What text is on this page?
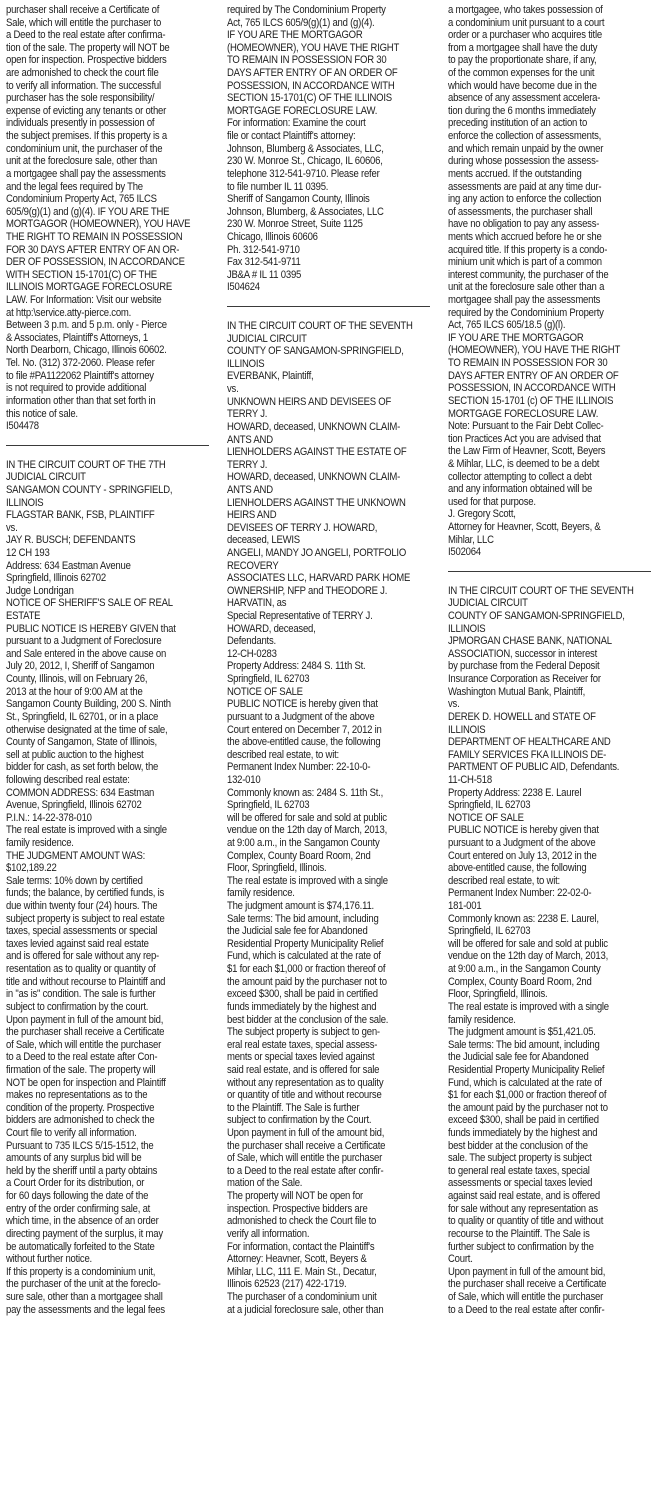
purchaser shall receive a Certificate of
Sale, which will entitle the purchaser to
a Deed to the real estate after confirma-
tion of the sale. The property will NOT be
open for inspection. Prospective bidders
are admonished to check the court file
to verify all information. The successful
purchaser has the sole responsibility/
expense of evicting any tenants or other
individuals presently in possession of
the subject premises. If this property is a
condominium unit, the purchaser of the
unit at the foreclosure sale, other than
a mortgagee shall pay the assessments
and the legal fees required by The
Condominium Property Act, 765 ILCS
605/9(g)(1) and (g)(4). IF YOU ARE THE
MORTGAGOR (HOMEOWNER), YOU HAVE
THE RIGHT TO REMAIN IN POSSESSION
FOR 30 DAYS AFTER ENTRY OF AN OR-
DER OF POSSESSION, IN ACCORDANCE
WITH SECTION 15-1701(C) OF THE
ILLINOIS MORTGAGE FORECLOSURE
LAW. For Information: Visit our website
at http:\service.atty-pierce.com.
Between 3 p.m. and 5 p.m. only - Pierce
& Associates, Plaintiff's Attorneys, 1
North Dearborn, Chicago, Illinois 60602.
Tel. No. (312) 372-2060. Please refer
to file #PA1122062 Plaintiff's attorney
is not required to provide additional
information other than that set forth in
this notice of sale.
I504478
IN THE CIRCUIT COURT OF THE 7TH
JUDICIAL CIRCUIT
SANGAMON COUNTY - SPRINGFIELD,
ILLINOIS
FLAGSTAR BANK, FSB, PLAINTIFF
vs.
JAY R. BUSCH; DEFENDANTS
12 CH 193
Address: 634 Eastman Avenue
Springfield, Illinois 62702
Judge Londrigan
NOTICE OF SHERIFF'S SALE OF REAL
ESTATE
PUBLIC NOTICE IS HEREBY GIVEN that
pursuant to a Judgment of Foreclosure
and Sale entered in the above cause on
July 20, 2012, I, Sheriff of Sangamon
County, Illinois, will on February 26,
2013 at the hour of 9:00 AM at the
Sangamon County Building, 200 S. Ninth
St., Springfield, IL 62701, or in a place
otherwise designated at the time of sale,
County of Sangamon, State of Illinois,
sell at public auction to the highest
bidder for cash, as set forth below, the
following described real estate:
COMMON ADDRESS: 634 Eastman
Avenue, Springfield, Illinois 62702
P.I.N.: 14-22-378-010
The real estate is improved with a single
family residence.
THE JUDGMENT AMOUNT WAS:
$102,189.22
Sale terms: 10% down by certified
funds; the balance, by certified funds, is
due within twenty four (24) hours. The
subject property is subject to real estate
taxes, special assessments or special
taxes levied against said real estate
and is offered for sale without any rep-
resentation as to quality or quantity of
title and without recourse to Plaintiff and
in "as is" condition. The sale is further
subject to confirmation by the court.
Upon payment in full of the amount bid,
the purchaser shall receive a Certificate
of Sale, which will entitle the purchaser
to a Deed to the real estate after Con-
firmation of the sale. The property will
NOT be open for inspection and Plaintiff
makes no representations as to the
condition of the property. Prospective
bidders are admonished to check the
Court file to verify all information.
Pursuant to 735 ILCS 5/15-1512, the
amounts of any surplus bid will be
held by the sheriff until a party obtains
a Court Order for its distribution, or
for 60 days following the date of the
entry of the order confirming sale, at
which time, in the absence of an order
directing payment of the surplus, it may
be automatically forfeited to the State
without further notice.
If this property is a condominium unit,
the purchaser of the unit at the foreclo-
sure sale, other than a mortgagee shall
pay the assessments and the legal fees
required by The Condominium Property
Act, 765 ILCS 605/9(g)(1) and (g)(4).
IF YOU ARE THE MORTGAGOR
(HOMEOWNER), YOU HAVE THE RIGHT
TO REMAIN IN POSSESSION FOR 30
DAYS AFTER ENTRY OF AN ORDER OF
POSSESSION, IN ACCORDANCE WITH
SECTION 15-1701(C) OF THE ILLINOIS
MORTGAGE FORECLOSURE LAW.
For information: Examine the court
file or contact Plaintiff's attorney:
Johnson, Blumberg & Associates, LLC,
230 W. Monroe St., Chicago, IL 60606,
telephone 312-541-9710. Please refer
to file number IL 11 0395.
Sheriff of Sangamon County, Illinois
Johnson, Blumberg, & Associates, LLC
230 W. Monroe Street, Suite 1125
Chicago, Illinois 60606
Ph. 312-541-9710
Fax 312-541-9711
JB&A # IL 11 0395
I504624
IN THE CIRCUIT COURT OF THE SEVENTH
JUDICIAL CIRCUIT
COUNTY OF SANGAMON-SPRINGFIELD,
ILLINOIS
EVERBANK, Plaintiff,
vs.
UNKNOWN HEIRS AND DEVISEES OF
TERRY J.
HOWARD, deceased, UNKNOWN CLAIM-
ANTS AND
LIENHOLDERS AGAINST THE ESTATE OF
TERRY J.
HOWARD, deceased, UNKNOWN CLAIM-
ANTS AND
LIENHOLDERS AGAINST THE UNKNOWN
HEIRS AND
DEVISEES OF TERRY J. HOWARD,
deceased, LEWIS
ANGELI, MANDY JO ANGELI, PORTFOLIO
RECOVERY
ASSOCIATES LLC, HARVARD PARK HOME
OWNERSHIP, NFP and THEODORE J.
HARVATIN, as
Special Representative of TERRY J.
HOWARD, deceased,
Defendants.
12-CH-0283
Property Address: 2484 S. 11th St.
Springfield, IL 62703
NOTICE OF SALE
PUBLIC NOTICE is hereby given that
pursuant to a Judgment of the above
Court entered on December 7, 2012 in
the above-entitled cause, the following
described real estate, to wit:
Permanent Index Number: 22-10-0-
132-010
Commonly known as: 2484 S. 11th St.,
Springfield, IL 62703
will be offered for sale and sold at public
vendue on the 12th day of March, 2013,
at 9:00 a.m., in the Sangamon County
Complex, County Board Room, 2nd
Floor, Springfield, Illinois.
The real estate is improved with a single
family residence.
The judgment amount is $74,176.11.
Sale terms: The bid amount, including
the Judicial sale fee for Abandoned
Residential Property Municipality Relief
Fund, which is calculated at the rate of
$1 for each $1,000 or fraction thereof of
the amount paid by the purchaser not to
exceed $300, shall be paid in certified
funds immediately by the highest and
best bidder at the conclusion of the sale.
The subject property is subject to gen-
eral real estate taxes, special assess-
ments or special taxes levied against
said real estate, and is offered for sale
without any representation as to quality
or quantity of title and without recourse
to the Plaintiff. The Sale is further
subject to confirmation by the Court.
Upon payment in full of the amount bid,
the purchaser shall receive a Certificate
of Sale, which will entitle the purchaser
to a Deed to the real estate after confir-
mation of the Sale.
The property will NOT be open for
inspection. Prospective bidders are
admonished to check the Court file to
verify all information.
For information, contact the Plaintiff's
Attorney: Heavner, Scott, Beyers &
Mihlar, LLC, 111 E. Main St., Decatur,
Illinois 62523 (217) 422-1719.
The purchaser of a condominium unit
at a judicial foreclosure sale, other than
a mortgagee, who takes possession of
a condominium unit pursuant to a court
order or a purchaser who acquires title
from a mortgagee shall have the duty
to pay the proportionate share, if any,
of the common expenses for the unit
which would have become due in the
absence of any assessment accelera-
tion during the 6 months immediately
preceding institution of an action to
enforce the collection of assessments,
and which remain unpaid by the owner
during whose possession the assess-
ments accrued. If the outstanding
assessments are paid at any time dur-
ing any action to enforce the collection
of assessments, the purchaser shall
have no obligation to pay any assess-
ments which accrued before he or she
acquired title. If this property is a condo-
minium unit which is part of a common
interest community, the purchaser of the
unit at the foreclosure sale other than a
mortgagee shall pay the assessments
required by the Condominium Property
Act, 765 ILCS 605/18.5 (g)(l).
IF YOU ARE THE MORTGAGOR
(HOMEOWNER), YOU HAVE THE RIGHT
TO REMAIN IN POSSESSION FOR 30
DAYS AFTER ENTRY OF AN ORDER OF
POSSESSION, IN ACCORDANCE WITH
SECTION 15-1701 (c) OF THE ILLINOIS
MORTGAGE FORECLOSURE LAW.
Note: Pursuant to the Fair Debt Collec-
tion Practices Act you are advised that
the Law Firm of Heavner, Scott, Beyers
& Mihlar, LLC, is deemed to be a debt
collector attempting to collect a debt
and any information obtained will be
used for that purpose.
J. Gregory Scott,
Attorney for Heavner, Scott, Beyers, &
Mihlar, LLC
I502064
IN THE CIRCUIT COURT OF THE SEVENTH
JUDICIAL CIRCUIT
COUNTY OF SANGAMON-SPRINGFIELD,
ILLINOIS
JPMORGAN CHASE BANK, NATIONAL
ASSOCIATION, successor in interest
by purchase from the Federal Deposit
Insurance Corporation as Receiver for
Washington Mutual Bank, Plaintiff,
vs.
DEREK D. HOWELL and STATE OF
ILLINOIS
DEPARTMENT OF HEALTHCARE AND
FAMILY SERVICES FKA ILLINOIS DE-
PARTMENT OF PUBLIC AID, Defendants.
11-CH-518
Property Address: 2238 E. Laurel
Springfield, IL 62703
NOTICE OF SALE
PUBLIC NOTICE is hereby given that
pursuant to a Judgment of the above
Court entered on July 13, 2012 in the
above-entitled cause, the following
described real estate, to wit:
Permanent Index Number: 22-02-0-
181-001
Commonly known as: 2238 E. Laurel,
Springfield, IL 62703
will be offered for sale and sold at public
vendue on the 12th day of March, 2013,
at 9:00 a.m., in the Sangamon County
Complex, County Board Room, 2nd
Floor, Springfield, Illinois.
The real estate is improved with a single
family residence.
The judgment amount is $51,421.05.
Sale terms: The bid amount, including
the Judicial sale fee for Abandoned
Residential Property Municipality Relief
Fund, which is calculated at the rate of
$1 for each $1,000 or fraction thereof of
the amount paid by the purchaser not to
exceed $300, shall be paid in certified
funds immediately by the highest and
best bidder at the conclusion of the
sale. The subject property is subject
to general real estate taxes, special
assessments or special taxes levied
against said real estate, and is offered
for sale without any representation as
to quality or quantity of title and without
recourse to the Plaintiff. The Sale is
further subject to confirmation by the
Court.
Upon payment in full of the amount bid,
the purchaser shall receive a Certificate
of Sale, which will entitle the purchaser
to a Deed to the real estate after confir-
